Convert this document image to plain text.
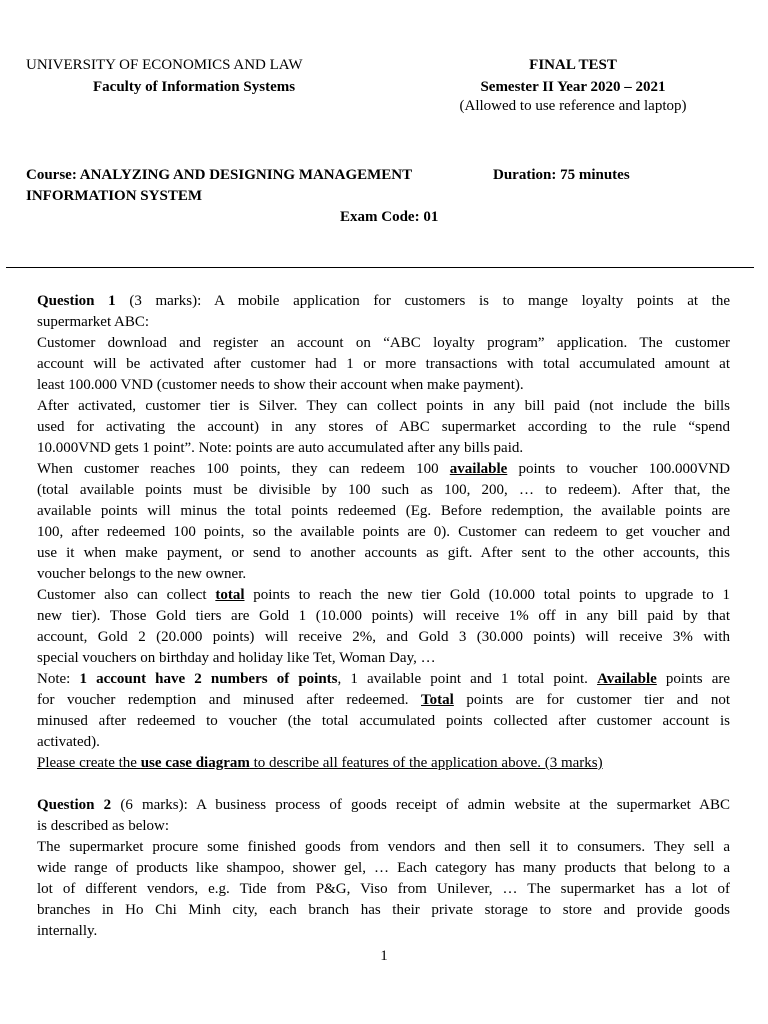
UNIVERSITY OF ECONOMICS AND LAW
Faculty of Information Systems
FINAL TEST
Semester II Year 2020 – 2021
(Allowed to use reference and laptop)
Course: ANALYZING AND DESIGNING MANAGEMENT	Duration: 75 minutes
INFORMATION SYSTEM
Exam Code: 01

Question 1 (3 marks): A mobile application for customers is to mange loyalty points at the

supermarket ABC:

Customer download and register an account on “ABC loyalty program” application. The customer

account will be activated after customer had 1 or more transactions with total accumulated amount at

least 100.000 VND (customer needs to show their account when make payment).

After activated, customer tier is Silver. They can collect points in any bill paid (not include the bills

used for activating the account) in any stores of ABC supermarket according to the rule “spend

10.000VND gets 1 point”. Note: points are auto accumulated after any bills paid.

When customer reaches 100 points, they can redeem 100 available points to voucher 100.000VND

(total available points must be divisible by 100 such as 100, 200, … to redeem). After that, the

available points will minus the total points redeemed (Eg. Before redemption, the available points are

100, after redeemed 100 points, so the available points are 0). Customer can redeem to get voucher and

use it when make payment, or send to another accounts as gift. After sent to the other accounts, this

voucher belongs to the new owner.

Customer also can collect total points to reach the new tier Gold (10.000 total points to upgrade to 1

new tier). Those Gold tiers are Gold 1 (10.000 points) will receive 1% off in any bill paid by that

account, Gold 2 (20.000 points) will receive 2%, and Gold 3 (30.000 points) will receive 3% with

special vouchers on birthday and holiday like Tet, Woman Day, …

Note: 1 account have 2 numbers of points, 1 available point and 1 total point. Available points are

for voucher redemption and minused after redeemed. Total points are for customer tier and not

minused after redeemed to voucher (the total accumulated points collected after customer account is

activated).

Please create the use case diagram to describe all features of the application above. (3 marks)

Question 2 (6 marks): A business process of goods receipt of admin website at the supermarket ABC

is described as below:

The supermarket procure some finished goods from vendors and then sell it to consumers. They sell a

wide range of products like shampoo, shower gel, … Each category has many products that belong to a

lot of different vendors, e.g. Tide from P&G, Viso from Unilever, … The supermarket has a lot of

branches in Ho Chi Minh city, each branch has their private storage to store and provide goods

internally.

1
